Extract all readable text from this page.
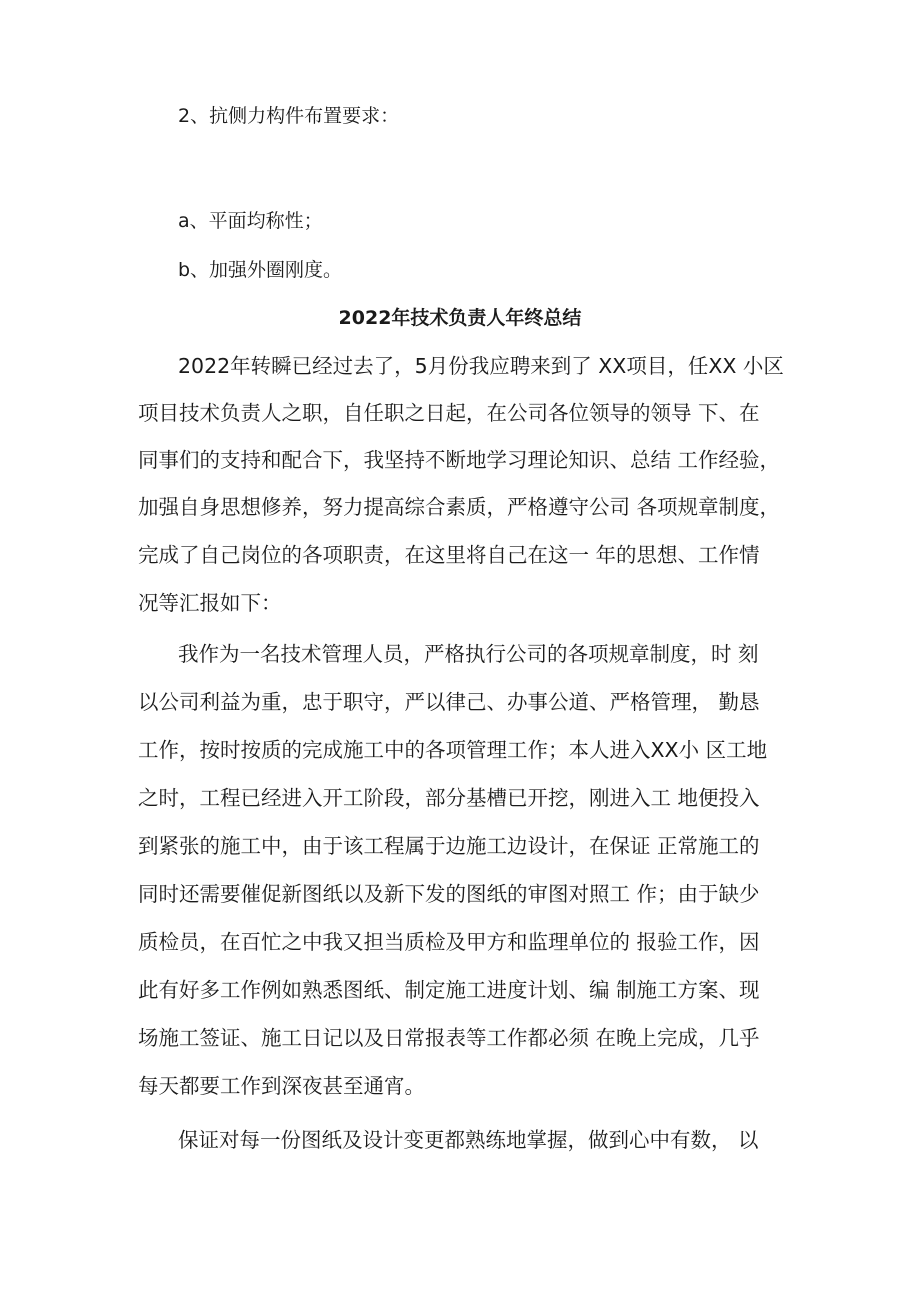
2、抗侧力构件布置要求：
a、平面均称性；
b、加强外圈刚度。
2022年技术负责人年终总结
2022年转瞬已经过去了，5月份我应聘来到了 XX项目，任XX 小区
项目技术负责人之职，自任职之日起，在公司各位领导的领导 下、在
同事们的支持和配合下，我坚持不断地学习理论知识、总结 工作经验，
加强自身思想修养，努力提高综合素质，严格遵守公司 各项规章制度，
完成了自己岗位的各项职责，在这里将自己在这一 年的思想、工作情
况等汇报如下：
我作为一名技术管理人员，严格执行公司的各项规章制度，时 刻
以公司利益为重，忠于职守，严以律己、办事公道、严格管理， 勤恳
工作，按时按质的完成施工中的各项管理工作；本人进入XX小 区工地
之时，工程已经进入开工阶段，部分基槽已开挖，刚进入工 地便投入
到紧张的施工中，由于该工程属于边施工边设计，在保证 正常施工的
同时还需要催促新图纸以及新下发的图纸的审图对照工 作；由于缺少
质检员，在百忙之中我又担当质检及甲方和监理单位的 报验工作，因
此有好多工作例如熟悉图纸、制定施工进度计划、编 制施工方案、现
场施工签证、施工日记以及日常报表等工作都必须 在晚上完成，几乎
每天都要工作到深夜甚至通宵。
保证对每一份图纸及设计变更都熟练地掌握，做到心中有数， 以
